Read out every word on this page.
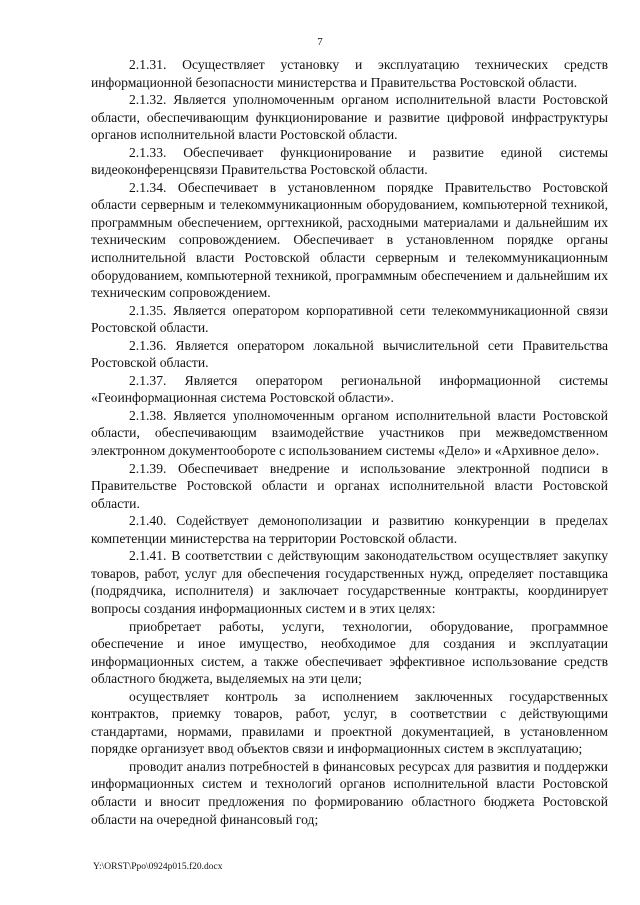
7

2.1.31. Осуществляет установку и эксплуатацию технических средств информационной безопасности министерства и Правительства Ростовской области.

2.1.32. Является уполномоченным органом исполнительной власти Ростовской области, обеспечивающим функционирование и развитие цифровой инфраструктуры органов исполнительной власти Ростовской области.

2.1.33. Обеспечивает функционирование и развитие единой системы видеоконференцсвязи Правительства Ростовской области.

2.1.34. Обеспечивает в установленном порядке Правительство Ростовской области серверным и телекоммуникационным оборудованием, компьютерной техникой, программным обеспечением, оргтехникой, расходными материалами и дальнейшим их техническим сопровождением. Обеспечивает в установленном порядке органы исполнительной власти Ростовской области серверным и телекоммуникационным оборудованием, компьютерной техникой, программным обеспечением и дальнейшим их техническим сопровождением.

2.1.35. Является оператором корпоративной сети телекоммуникационной связи Ростовской области.

2.1.36. Является оператором локальной вычислительной сети Правительства Ростовской области.

2.1.37. Является оператором региональной информационной системы «Геоинформационная система Ростовской области».

2.1.38. Является уполномоченным органом исполнительной власти Ростовской области, обеспечивающим взаимодействие участников при межведомственном электронном документообороте с использованием системы «Дело» и «Архивное дело».

2.1.39. Обеспечивает внедрение и использование электронной подписи в Правительстве Ростовской области и органах исполнительной власти Ростовской области.

2.1.40. Содействует демонополизации и развитию конкуренции в пределах компетенции министерства на территории Ростовской области.

2.1.41. В соответствии с действующим законодательством осуществляет закупку товаров, работ, услуг для обеспечения государственных нужд, определяет поставщика (подрядчика, исполнителя) и заключает государственные контракты, координирует вопросы создания информационных систем и в этих целях:

приобретает работы, услуги, технологии, оборудование, программное обеспечение и иное имущество, необходимое для создания и эксплуатации информационных систем, а также обеспечивает эффективное использование средств областного бюджета, выделяемых на эти цели;

осуществляет контроль за исполнением заключенных государственных контрактов, приемку товаров, работ, услуг, в соответствии с действующими стандартами, нормами, правилами и проектной документацией, в установленном порядке организует ввод объектов связи и информационных систем в эксплуатацию;

проводит анализ потребностей в финансовых ресурсах для развития и поддержки информационных систем и технологий органов исполнительной власти Ростовской области и вносит предложения по формированию областного бюджета Ростовской области на очередной финансовый год;

Y:\ORST\Ppo\0924p015.f20.docx
